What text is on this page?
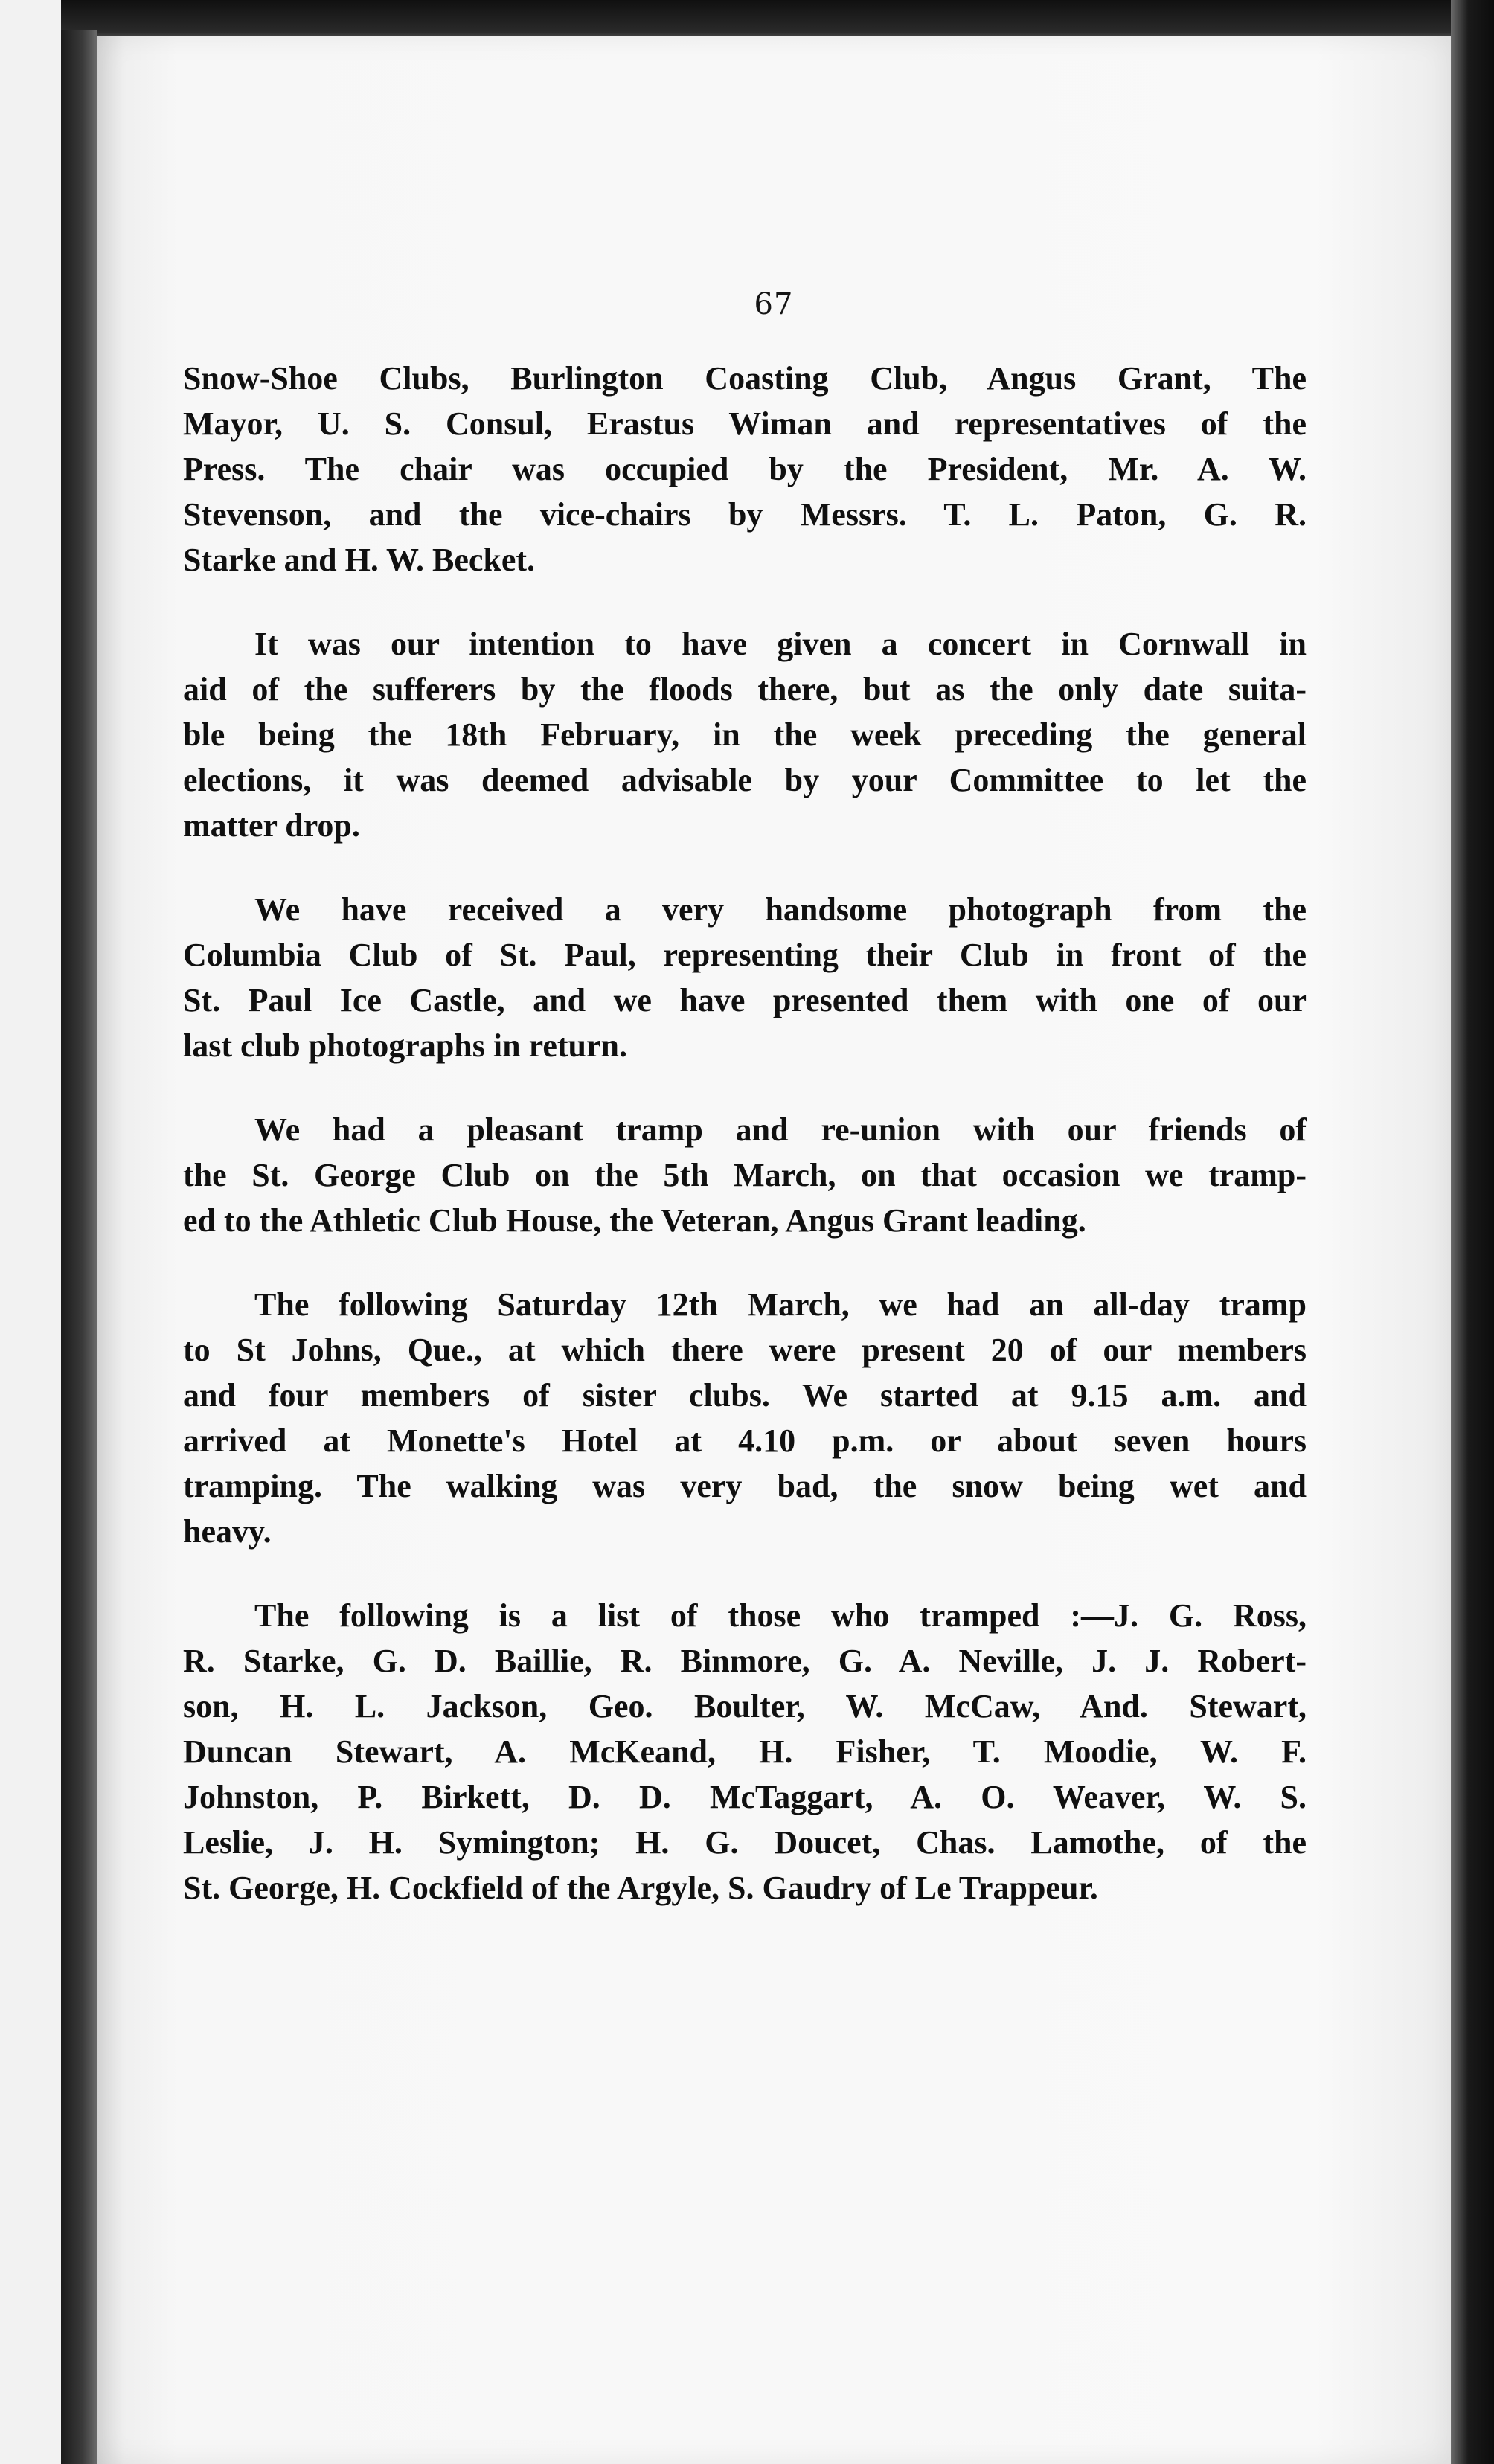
67

Snow-Shoe Clubs, Burlington Coasting Club, Angus Grant, The
Mayor, U. S. Consul, Erastus Wiman and representatives of the
Press. The chair was occupied by the President, Mr. A. W.
Stevenson, and the vice-chairs by Messrs. T. L. Paton, G. R.
Starke and H. W. Becket.

It was our intention to have given a concert in Cornwall in
aid of the sufferers by the floods there, but as the only date suita-
ble being the 18th February, in the week preceding the general
elections, it was deemed advisable by your Committee to let the
matter drop.

We have received a very handsome photograph from the
Columbia Club of St. Paul, representing their Club in front of the
St. Paul Ice Castle, and we have presented them with one of our
last club photographs in return.

We had a pleasant tramp and re-union with our friends of
the St. George Club on the 5th March, on that occasion we tramp-
ed to the Athletic Club House, the Veteran, Angus Grant leading.

The following Saturday 12th March, we had an all-day tramp
to St Johns, Que., at which there were present 20 of our members
and four members of sister clubs. We started at 9.15 a.m. and
arrived at Monette's Hotel at 4.10 p.m. or about seven hours
tramping. The walking was very bad, the snow being wet and
heavy.

The following is a list of those who tramped :—J. G. Ross,
R. Starke, G. D. Baillie, R. Binmore, G. A. Neville, J. J. Robert-
son, H. L. Jackson, Geo. Boulter, W. McCaw, And. Stewart,
Duncan Stewart, A. McKeand, H. Fisher, T. Moodie, W. F.
Johnston, P. Birkett, D. D. McTaggart, A. O. Weaver, W. S.
Leslie, J. H. Symington; H. G. Doucet, Chas. Lamothe, of the
St. George, H. Cockfield of the Argyle, S. Gaudry of Le Trappeur.
